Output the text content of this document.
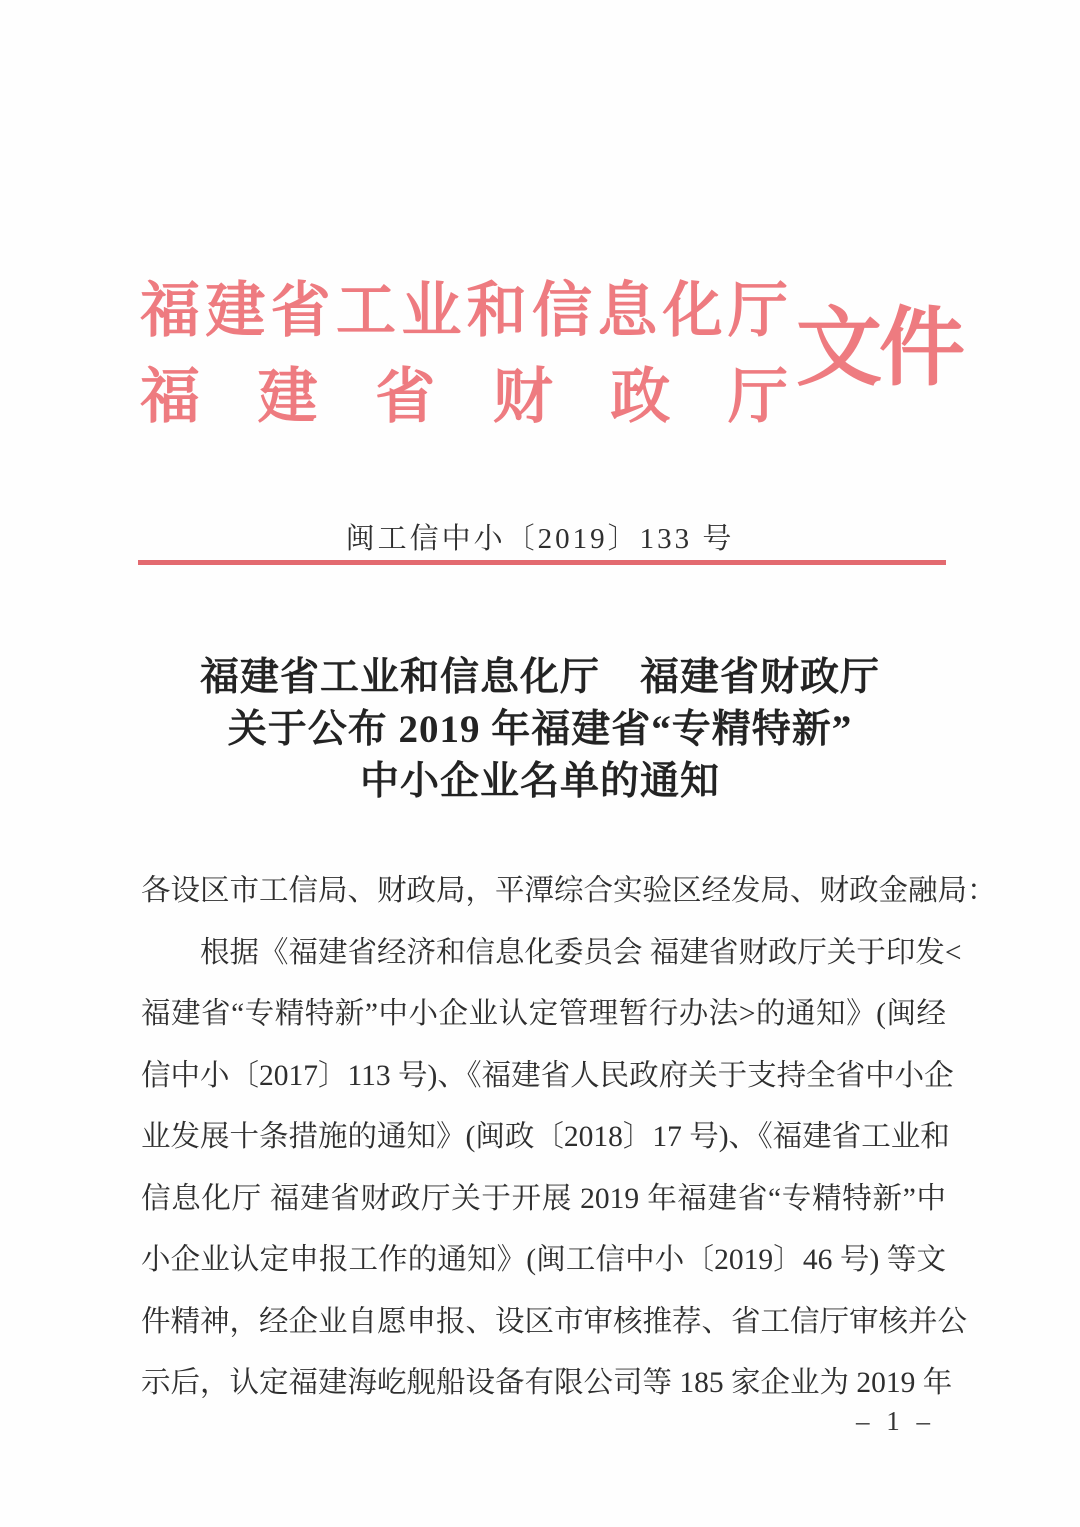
福建省工业和信息化厅
福建省财政厅
文件
闽工信中小〔2019〕133 号
福建省工业和信息化厅　福建省财政厅
关于公布 2019 年福建省“专精特新”
中小企业名单的通知
各设区市工信局、财政局，平潭综合实验区经发局、财政金融局：
根据《福建省经济和信息化委员会 福建省财政厅关于印发<
福建省“专精特新”中小企业认定管理暂行办法>的通知》(闽经
信中小〔2017〕113 号)、《福建省人民政府关于支持全省中小企
业发展十条措施的通知》(闽政〔2018〕17 号)、《福建省工业和
信息化厅 福建省财政厅关于开展 2019 年福建省“专精特新”中
小企业认定申报工作的通知》(闽工信中小〔2019〕46 号) 等文
件精神，经企业自愿申报、设区市审核推荐、省工信厅审核并公
示后，认定福建海屹舰船设备有限公司等 185 家企业为 2019 年
– 1 –
